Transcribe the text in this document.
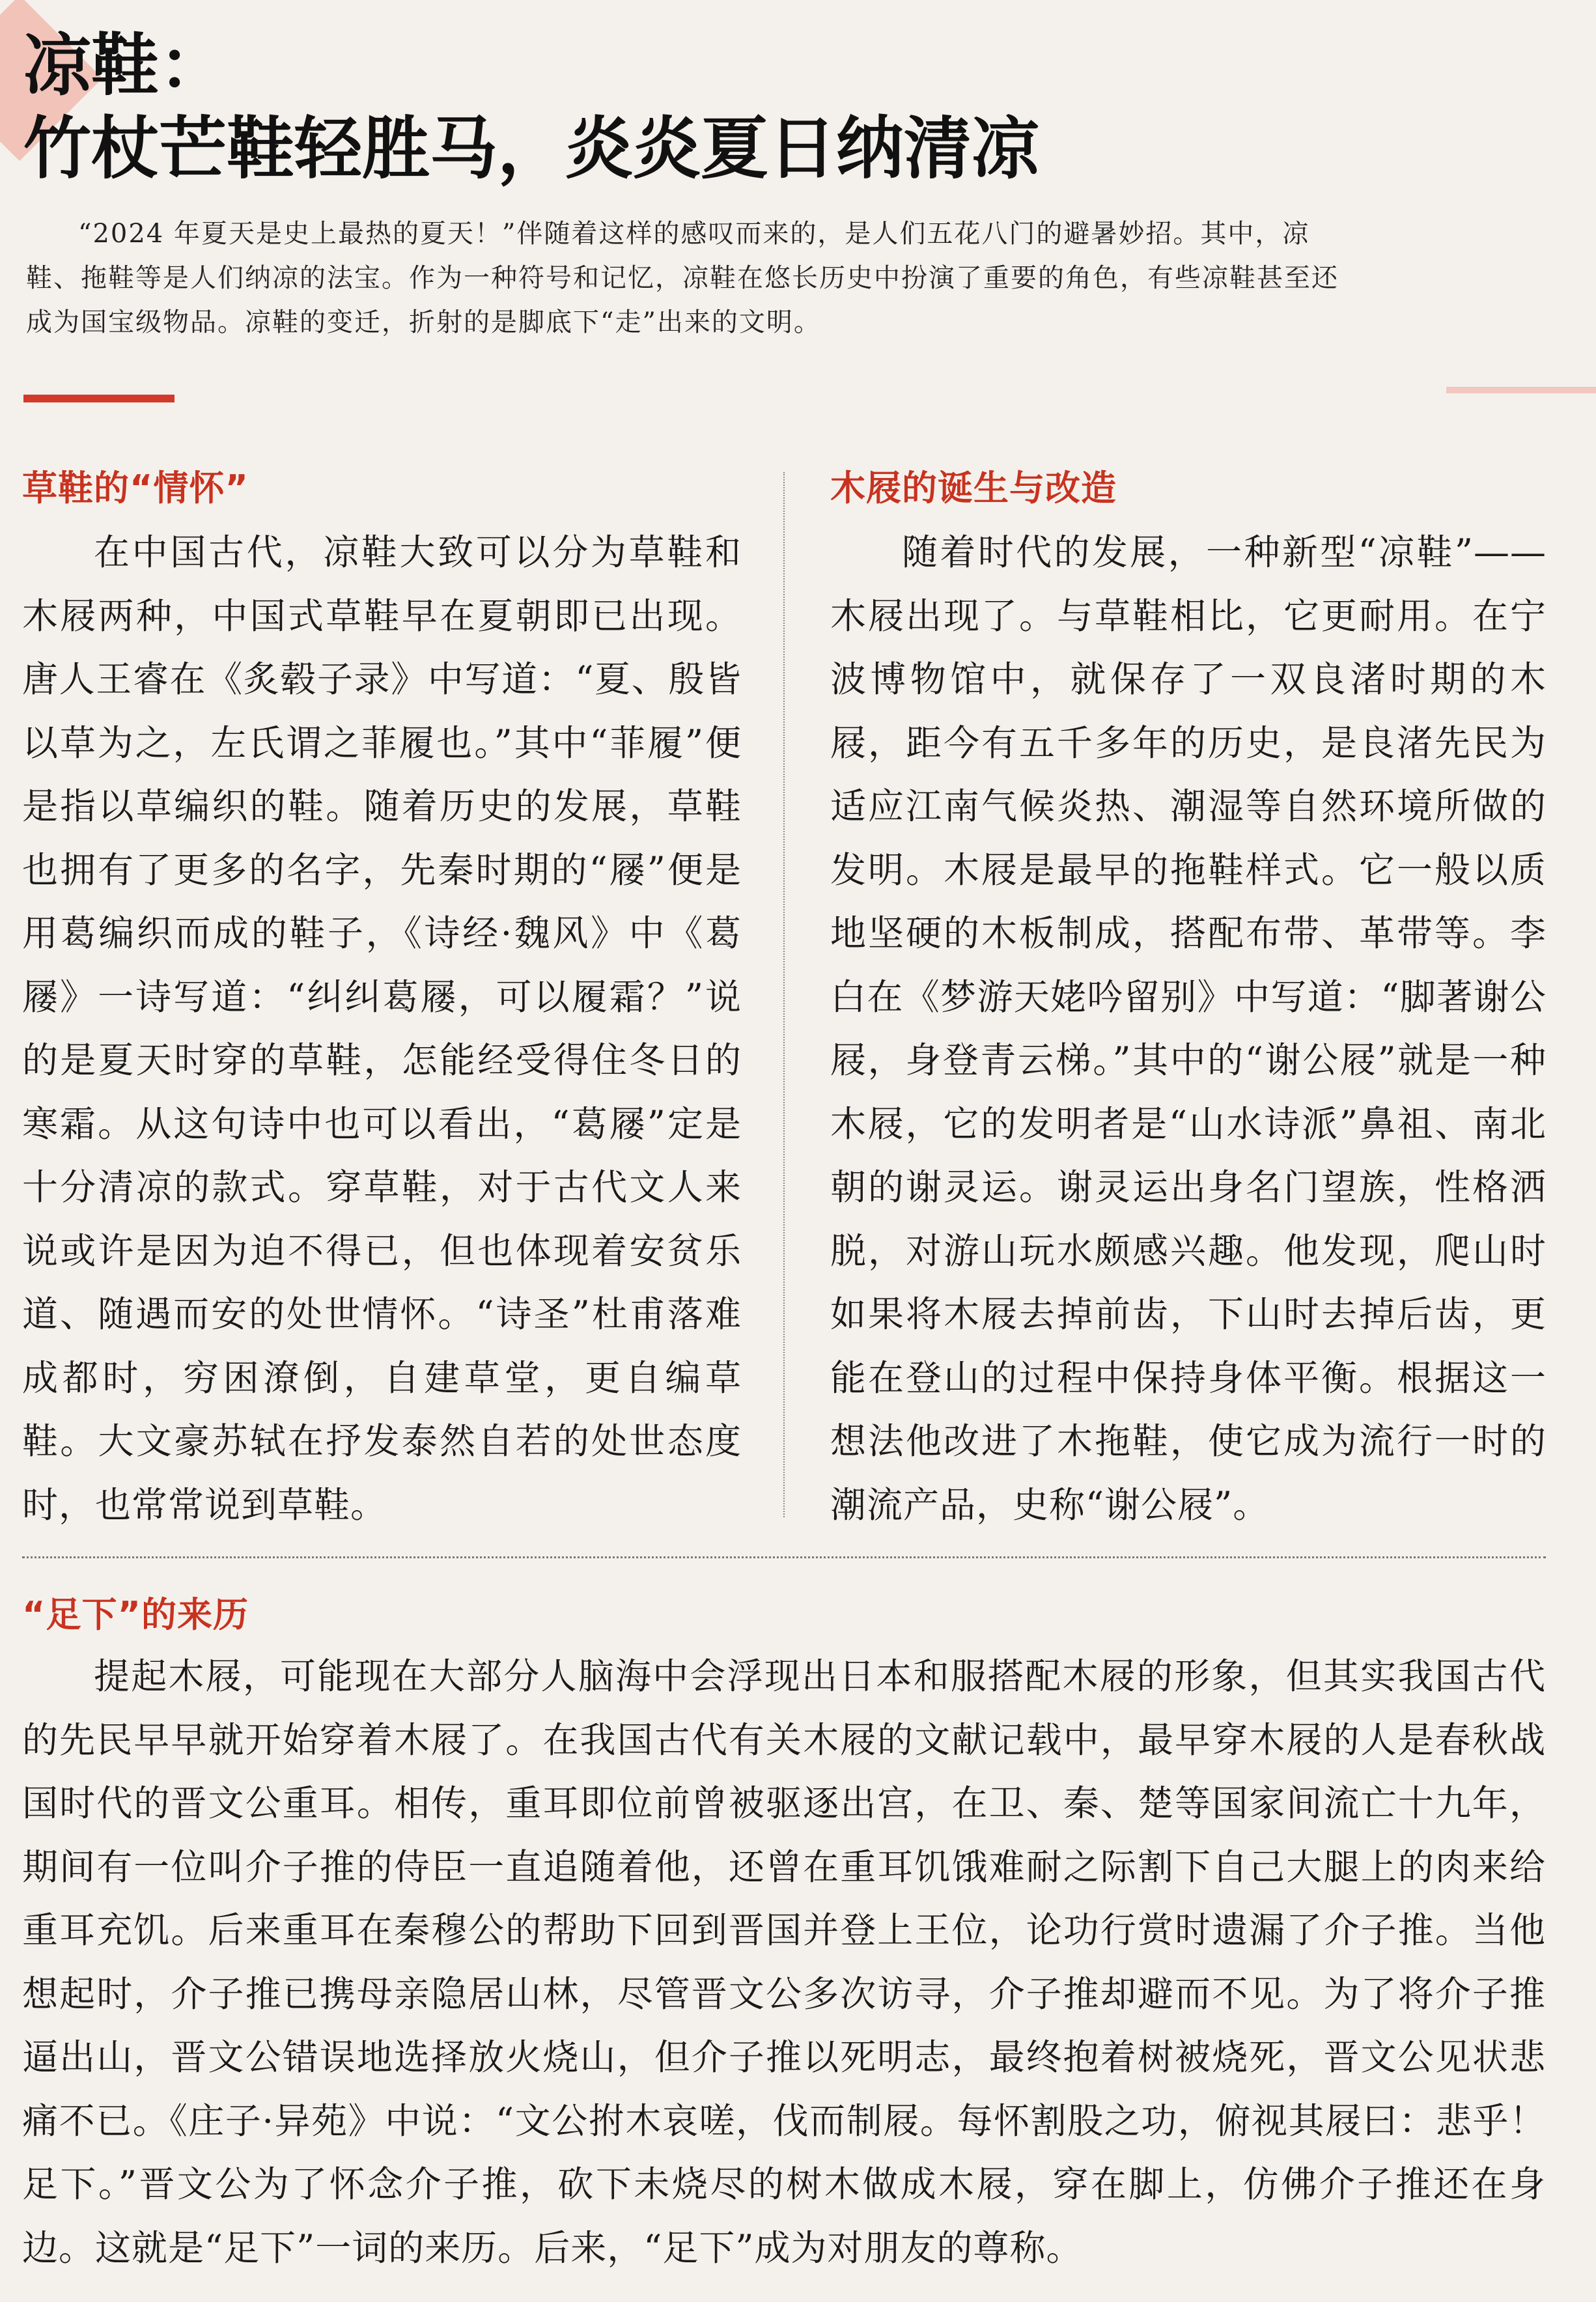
凉鞋：
竹杖芒鞋轻胜马，炎炎夏日纳清凉

“2024 年夏天是史上最热的夏天！”伴随着这样的感叹而来的，是人们五花八门的避暑妙招。其中，凉鞋、拖鞋等是人们纳凉的法宝。作为一种符号和记忆，凉鞋在悠长历史中扮演了重要的角色，有些凉鞋甚至还成为国宝级物品。凉鞋的变迁，折射的是脚底下“走”出来的文明。

草鞋的“情怀”

在中国古代，凉鞋大致可以分为草鞋和木屐两种，中国式草鞋早在夏朝即已出现。唐人王睿在《炙毂子录》中写道：“夏、殷皆以草为之，左氏谓之菲履也。”其中“菲履”便是指以草编织的鞋。随着历史的发展，草鞋也拥有了更多的名字，先秦时期的“屦”便是用葛编织而成的鞋子，《诗经·魏风》中《葛屦》一诗写道：“纠纠葛屦，可以履霜？”说的是夏天时穿的草鞋，怎能经受得住冬日的寒霜。从这句诗中也可以看出，“葛屦”定是十分清凉的款式。穿草鞋，对于古代文人来说或许是因为迫不得已，但也体现着安贫乐道、随遇而安的处世情怀。“诗圣”杜甫落难成都时，穷困潦倒，自建草堂，更自编草鞋。大文豪苏轼在抒发泰然自若的处世态度时，也常常说到草鞋。

木屐的诞生与改造

随着时代的发展，一种新型“凉鞋”——木屐出现了。与草鞋相比，它更耐用。在宁波博物馆中，就保存了一双良渚时期的木屐，距今有五千多年的历史，是良渚先民为适应江南气候炎热、潮湿等自然环境所做的发明。木屐是最早的拖鞋样式。它一般以质地坚硬的木板制成，搭配布带、革带等。李白在《梦游天姥吟留别》中写道：“脚著谢公屐，身登青云梯。”其中的“谢公屐”就是一种木屐，它的发明者是“山水诗派”鼻祖、南北朝的谢灵运。谢灵运出身名门望族，性格洒脱，对游山玩水颇感兴趣。他发现，爬山时如果将木屐去掉前齿，下山时去掉后齿，更能在登山的过程中保持身体平衡。根据这一想法他改进了木拖鞋，使它成为流行一时的潮流产品，史称“谢公屐”。

“足下”的来历

提起木屐，可能现在大部分人脑海中会浮现出日本和服搭配木屐的形象，但其实我国古代的先民早早就开始穿着木屐了。在我国古代有关木屐的文献记载中，最早穿木屐的人是春秋战国时代的晋文公重耳。相传，重耳即位前曾被驱逐出宫，在卫、秦、楚等国家间流亡十九年，期间有一位叫介子推的侍臣一直追随着他，还曾在重耳饥饿难耐之际割下自己大腿上的肉来给重耳充饥。后来重耳在秦穆公的帮助下回到晋国并登上王位，论功行赏时遗漏了介子推。当他想起时，介子推已携母亲隐居山林，尽管晋文公多次访寻，介子推却避而不见。为了将介子推逼出山，晋文公错误地选择放火烧山，但介子推以死明志，最终抱着树被烧死，晋文公见状悲痛不已。《庄子·异苑》中说：“文公拊木哀嗟，伐而制屐。每怀割股之功，俯视其屐曰：悲乎！足下。”晋文公为了怀念介子推，砍下未烧尽的树木做成木屐，穿在脚上，仿佛介子推还在身边。这就是“足下”一词的来历。后来，“足下”成为对朋友的尊称。
